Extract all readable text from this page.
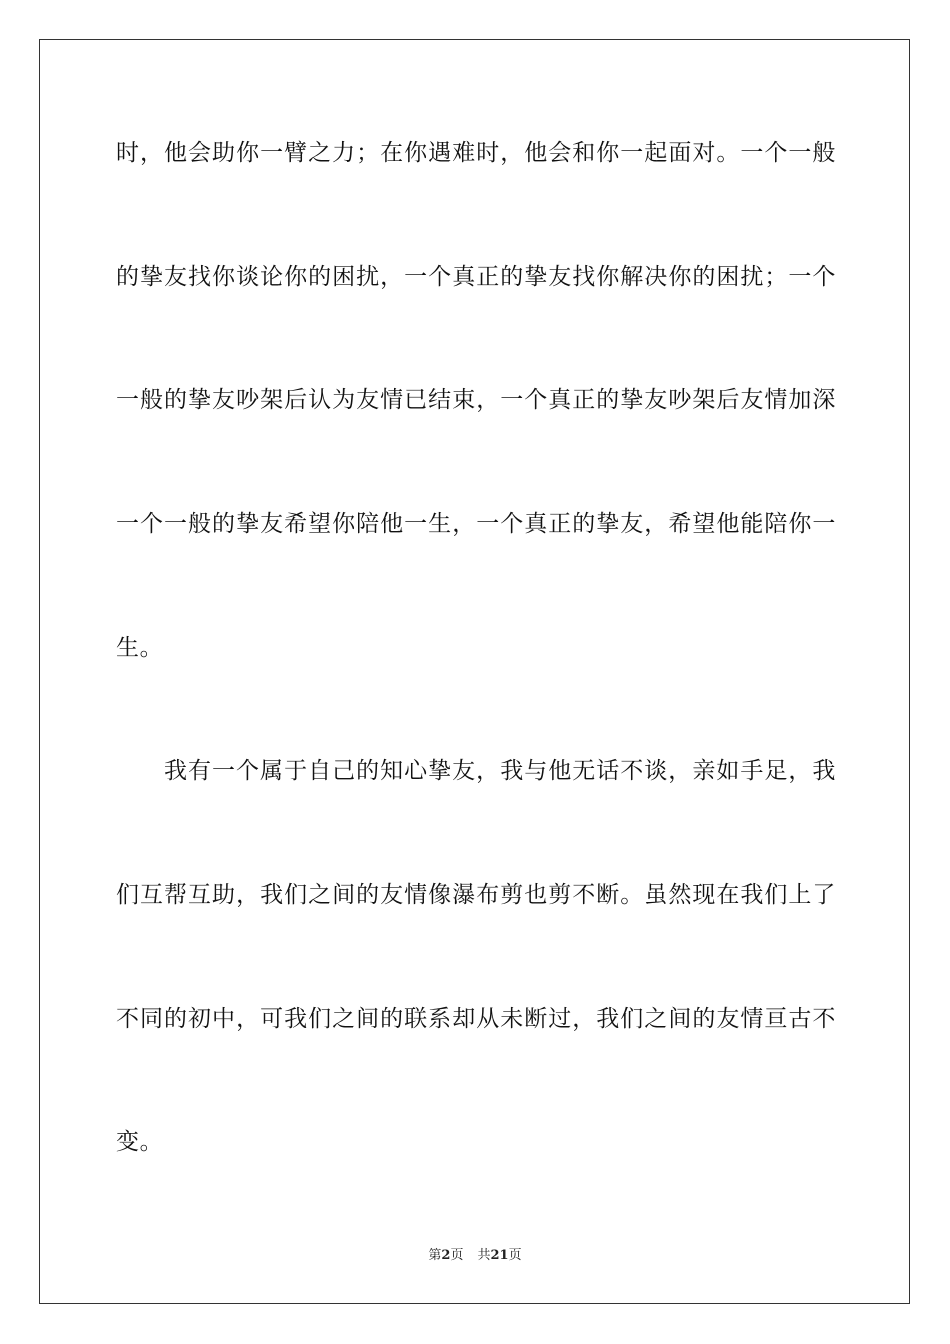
时，他会助你一臂之力；在你遇难时，他会和你一起面对。一个一般
的挚友找你谈论你的困扰，一个真正的挚友找你解决你的困扰；一个
一般的挚友吵架后认为友情已结束，一个真正的挚友吵架后友情加深
一个一般的挚友希望你陪他一生，一个真正的挚友，希望他能陪你一
生。
我有一个属于自己的知心挚友，我与他无话不谈，亲如手足，我
们互帮互助，我们之间的友情像瀑布剪也剪不断。虽然现在我们上了
不同的初中，可我们之间的联系却从未断过，我们之间的友情亘古不
变。
第2页 共21页
